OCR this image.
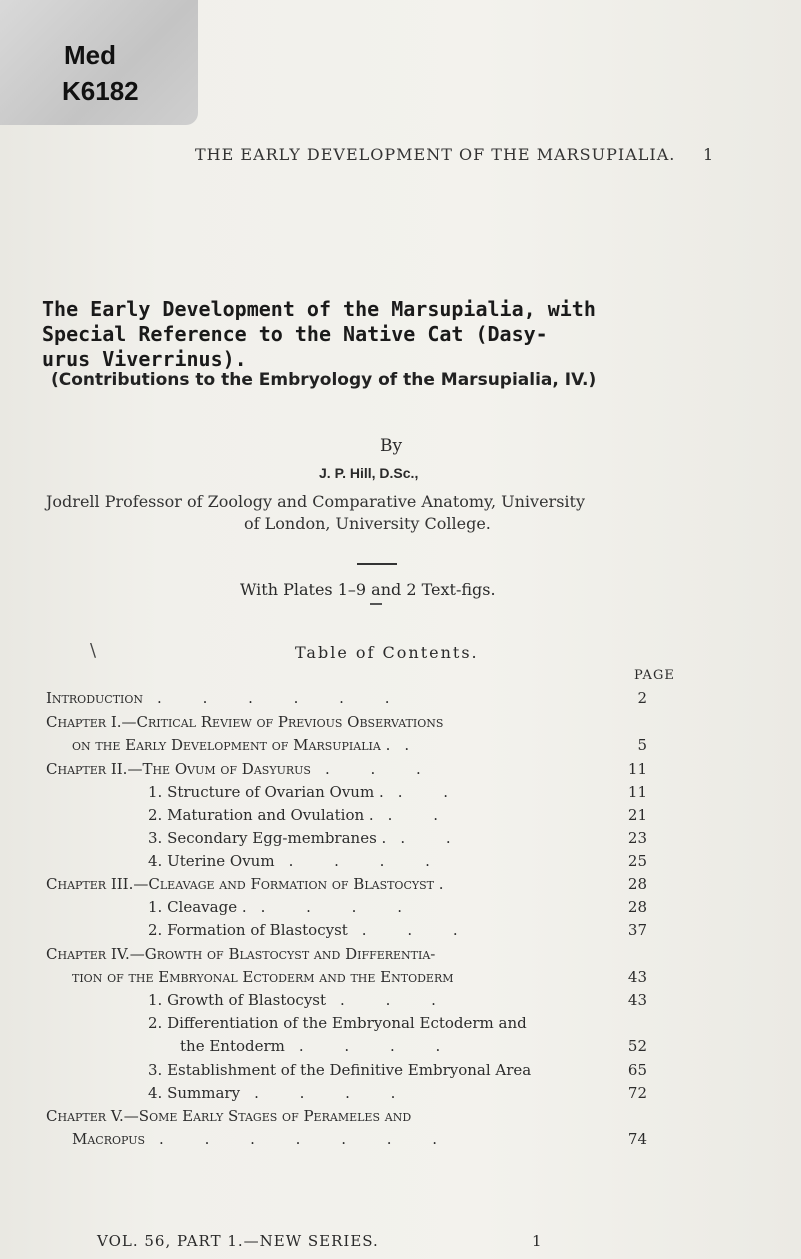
Med
K6182
THE EARLY DEVELOPMENT OF THE MARSUPIALIA. 1
The Early Development of the Marsupialia, with
Special Reference to the Native Cat (Dasy-
urus Viverrinus).
(Contributions to the Embryology of the Marsupialia, IV.)
By
J. P. Hill, D.Sc.,
Jodrell Professor of Zoology and Comparative Anatomy, University
of London, University College.
With Plates 1–9 and 2 Text-figs.
\	Table of Contents.
PAGE
Introduction . . . . . .	2
Chapter I.—Critical Review of Previous Observations
on the Early Development of Marsupialia . .	5
Chapter II.—The Ovum of Dasyurus . . .	11
1. Structure of Ovarian Ovum . . .	11
2. Maturation and Ovulation . . .	21
3. Secondary Egg-membranes . . .	23
4. Uterine Ovum . . . .	25
Chapter III.—Cleavage and Formation of Blastocyst .	28
1. Cleavage . . . . .	28
2. Formation of Blastocyst . . .	37
Chapter IV.—Growth of Blastocyst and Differentia-
tion of the Embryonal Ectoderm and the Entoderm	43
1. Growth of Blastocyst . . .	43
2. Differentiation of the Embryonal Ectoderm and
the Entoderm . . . .	52
3. Establishment of the Definitive Embryonal Area	65
4. Summary . . . .	72
Chapter V.—Some Early Stages of Perameles and
Macropus . . . . . . .	74
VOL. 56, PART 1.—NEW SERIES.	1
